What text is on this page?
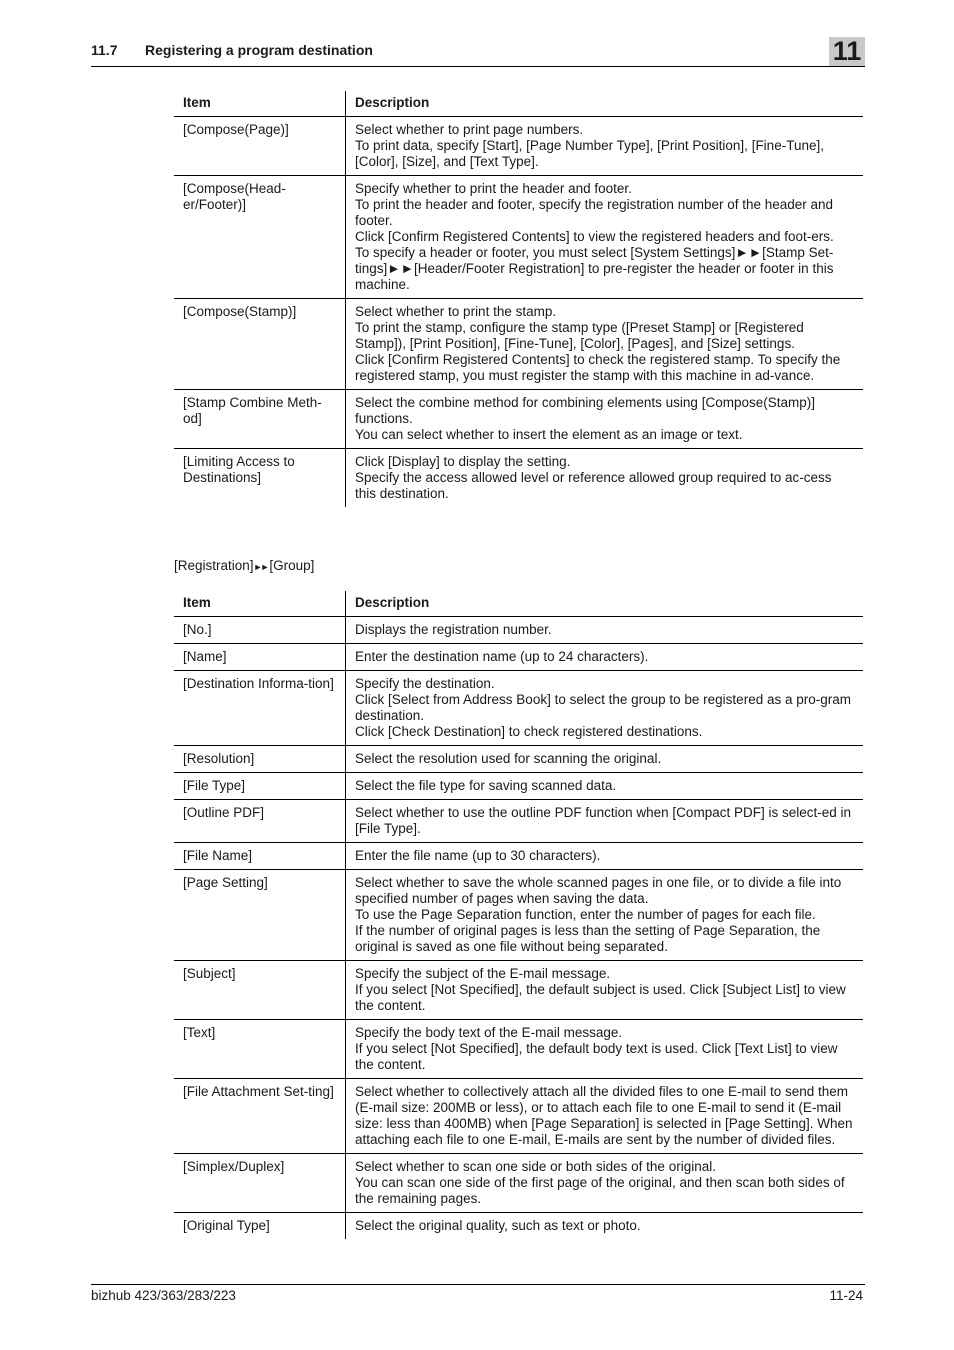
11.7 Registering a program destination	11
Item	Description
[Compose(Page)]	Select whether to print page numbers.
To print data, specify [Start], [Page Number Type], [Print Position], [Fine-Tune], [Color], [Size], and [Text Type].

[Compose(Head-er/Footer)]	Specify whether to print the header and footer.
To print the header and footer, specify the registration number of the header and footer.
Click [Confirm Registered Contents] to view the registered headers and foot-ers.
To specify a header or footer, you must select [System Settings]►►[Stamp Set-tings]►►[Header/Footer Registration] to pre-register the header or footer in this machine.

[Compose(Stamp)]	Select whether to print the stamp.
To print the stamp, configure the stamp type ([Preset Stamp] or [Registered Stamp]), [Print Position], [Fine-Tune], [Color], [Pages], and [Size] settings.
Click [Confirm Registered Contents] to check the registered stamp. To specify the registered stamp, you must register the stamp with this machine in ad-vance.

[Stamp Combine Meth-od]	Select the combine method for combining elements using [Compose(Stamp)] functions.
You can select whether to insert the element as an image or text.

[Limiting Access to Destinations]	Click [Display] to display the setting.
Specify the access allowed level or reference allowed group required to ac-cess this destination.
[Registration]►► [Group]
Item	Description
[No.]	Displays the registration number.

[Name]	Enter the destination name (up to 24 characters).

[Destination Informa-tion]	Specify the destination.
Click [Select from Address Book] to select the group to be registered as a pro-gram destination.
Click [Check Destination] to check registered destinations.

[Resolution]	Select the resolution used for scanning the original.

[File Type]	Select the file type for saving scanned data.

[Outline PDF]	Select whether to use the outline PDF function when [Compact PDF] is select-ed in [File Type].

[File Name]	Enter the file name (up to 30 characters).

[Page Setting]	Select whether to save the whole scanned pages in one file, or to divide a file into specified number of pages when saving the data.
To use the Page Separation function, enter the number of pages for each file.
If the number of original pages is less than the setting of Page Separation, the original is saved as one file without being separated.

[Subject]	Specify the subject of the E-mail message.
If you select [Not Specified], the default subject is used. Click [Subject List] to view the content.

[Text]	Specify the body text of the E-mail message.
If you select [Not Specified], the default body text is used. Click [Text List] to view the content.

[File Attachment Set-ting]	Select whether to collectively attach all the divided files to one E-mail to send them (E-mail size: 200MB or less), or to attach each file to one E-mail to send it (E-mail size: less than 400MB) when [Page Separation] is selected in [Page Setting]. When attaching each file to one E-mail, E-mails are sent by the number of divided files.

[Simplex/Duplex]	Select whether to scan one side or both sides of the original.
You can scan one side of the first page of the original, and then scan both sides of the remaining pages.

[Original Type]	Select the original quality, such as text or photo.
bizhub 423/363/283/223	11-24
